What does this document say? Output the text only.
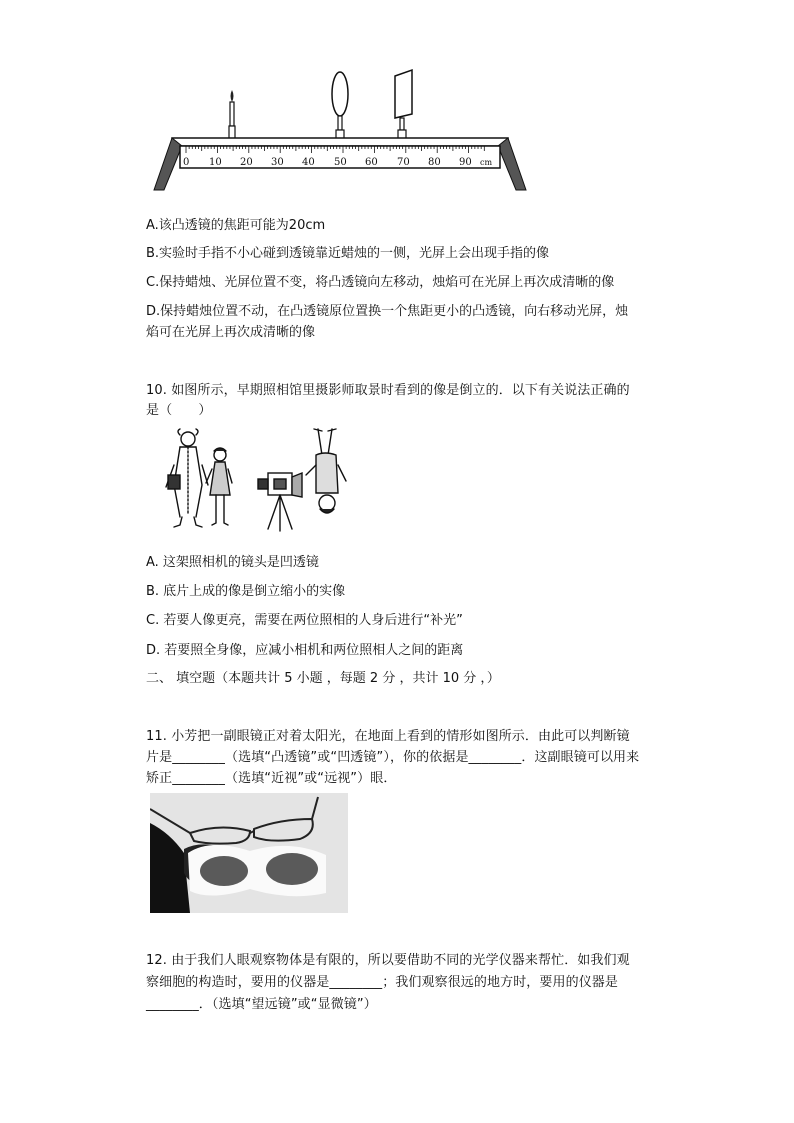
0 10 20 30 40 50 60 70 80 90 cm
A.该凸透镜的焦距可能为20cm
B.实验时手指不小心碰到透镜靠近蜡烛的一侧，光屏上会出现手指的像
C.保持蜡烛、光屏位置不变，将凸透镜向左移动，烛焰可在光屏上再次成清晰的像
D.保持蜡烛位置不动，在凸透镜原位置换一个焦距更小的凸透镜，向右移动光屏，烛
焰可在光屏上再次成清晰的像
10. 如图所示，早期照相馆里摄影师取景时看到的像是倒立的．以下有关说法正确的
是（　　）
A. 这架照相机的镜头是凹透镜
B. 底片上成的像是倒立缩小的实像
C. 若要人像更亮，需要在两位照相的人身后进行“补光”
D. 若要照全身像，应减小相机和两位照相人之间的距离
二、 填空题（本题共计 5 小题 ，每题 2 分 ，共计 10 分 ，）
11. 小芳把一副眼镜正对着太阳光，在地面上看到的情形如图所示．由此可以判断镜
片是________（选填“凸透镜”或“凹透镜”），你的依据是________．这副眼镜可以用来
矫正________（选填“近视”或“远视”）眼．
12. 由于我们人眼观察物体是有限的，所以要借助不同的光学仪器来帮忙．如我们观
察细胞的构造时，要用的仪器是________；我们观察很远的地方时，要用的仪器是
________．（选填“望远镜”或“显微镜”）
